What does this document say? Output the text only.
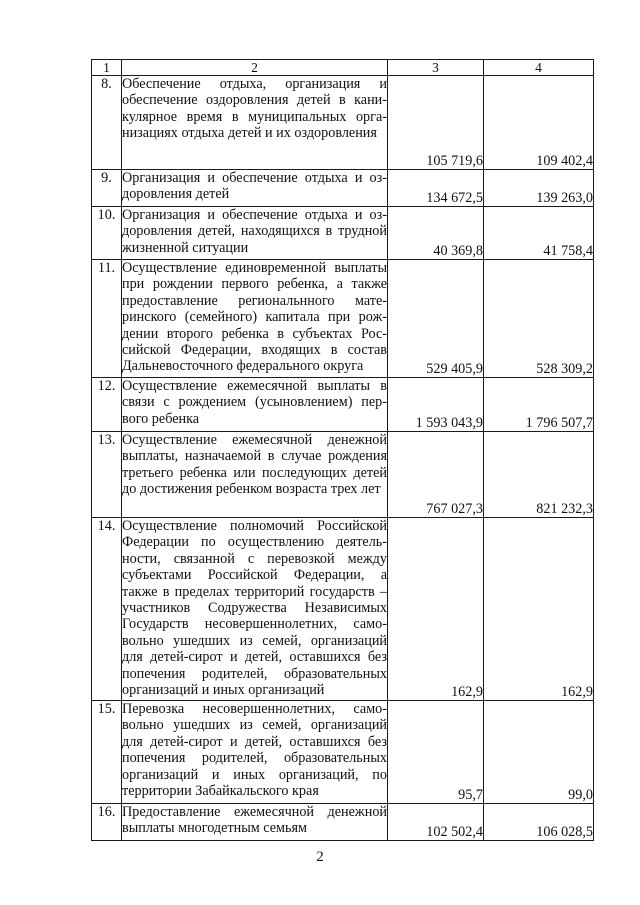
1	2	3	4
8.	Обеспечение отдыха, организация и обеспечение оздоровления детей в каникулярное время в муниципальных организациях отдыха детей и их оздоровления	105 719,6	109 402,4
9.	Организация и обеспечение отдыха и оздоровления детей	134 672,5	139 263,0
10.	Организация и обеспечение отдыха и оздоровления детей, находящихся в трудной жизненной ситуации	40 369,8	41 758,4
11.	Осуществление единовременной выплаты при рождении первого ребенка, а также предоставление региональнного материнского (семейного) капитала при рождении второго ребенка в субъектах Российской Федерации, входящих в состав Дальневосточного федерального округа	529 405,9	528 309,2
12.	Осуществление ежемесячной выплаты в связи с рождением (усыновлением) первого ребенка	1 593 043,9	1 796 507,7
13.	Осуществление ежемесячной денежной выплаты, назначаемой в случае рождения третьего ребенка или последующих детей до достижения ребенком возраста трех лет	767 027,3	821 232,3
14.	Осуществление полномочий Российской Федерации по осуществлению деятельности, связанной с перевозкой между субъектами Российской Федерации, а также в пределах территорий государств – участников Содружества Независимых Государств несовершеннолетних, самовольно ушедших из семей, организаций для детей-сирот и детей, оставшихся без попечения родителей, образовательных организаций и иных организаций	162,9	162,9
15.	Перевозка несовершеннолетних, самовольно ушедших из семей, организаций для детей-сирот и детей, оставшихся без попечения родителей, образовательных организаций и иных организаций, по территории Забайкальского края	95,7	99,0
16.	Предоставление ежемесячной денежной выплаты многодетным семьям	102 502,4	106 028,5
2
